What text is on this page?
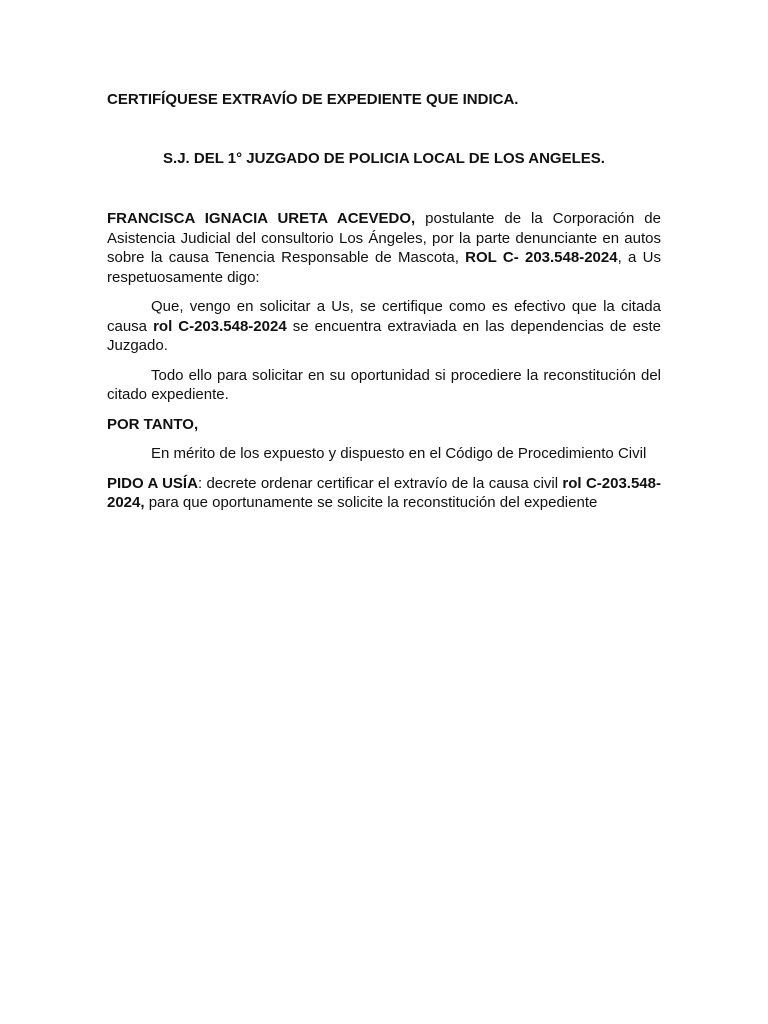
CERTIFÍQUESE EXTRAVÍO DE EXPEDIENTE QUE INDICA.

S.J. DEL 1° JUZGADO DE POLICIA LOCAL DE LOS ANGELES.

FRANCISCA IGNACIA URETA ACEVEDO, postulante de la Corporación de Asistencia Judicial del consultorio Los Ángeles, por la parte denunciante en autos sobre la causa Tenencia Responsable de Mascota, ROL C- 203.548-2024, a Us respetuosamente digo:

Que, vengo en solicitar a Us, se certifique como es efectivo que la citada causa rol C-203.548-2024 se encuentra extraviada en las dependencias de este Juzgado.

Todo ello para solicitar en su oportunidad si procediere la reconstitución del citado expediente.

POR TANTO,

En mérito de los expuesto y dispuesto en el Código de Procedimiento Civil

PIDO A USÍA: decrete ordenar certificar el extravío de la causa civil rol C-203.548-2024, para que oportunamente se solicite la reconstitución del expediente
